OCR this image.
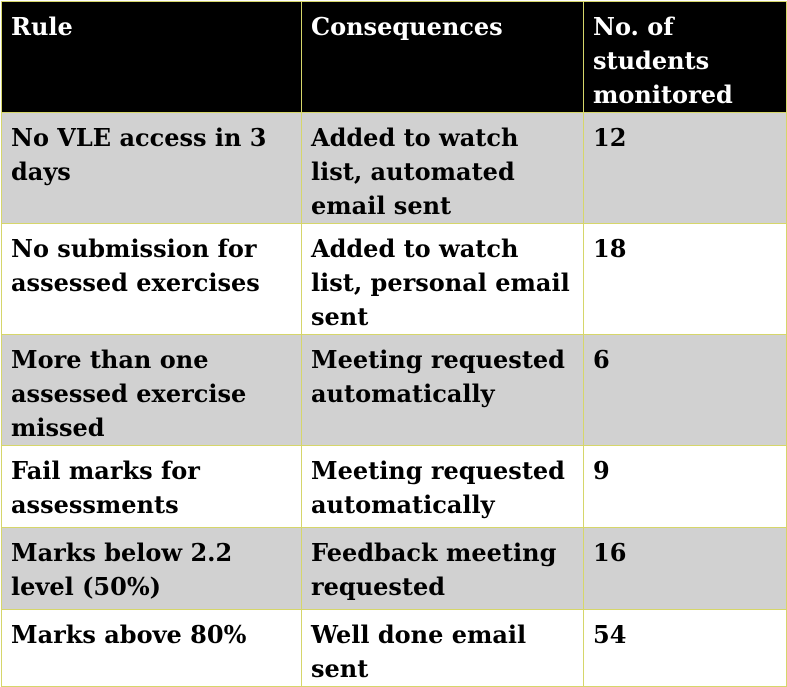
Rule	Consequences	No. of students monitored
No VLE access in 3 days	Added to watch list, automated email sent	12
No submission for assessed exercises	Added to watch list, personal email sent	18
More than one assessed exercise missed	Meeting requested automatically	6
Fail marks for assessments	Meeting requested automatically	9
Marks below 2.2 level (50%)	Feedback meeting requested	16
Marks above 80%	Well done email sent	54
